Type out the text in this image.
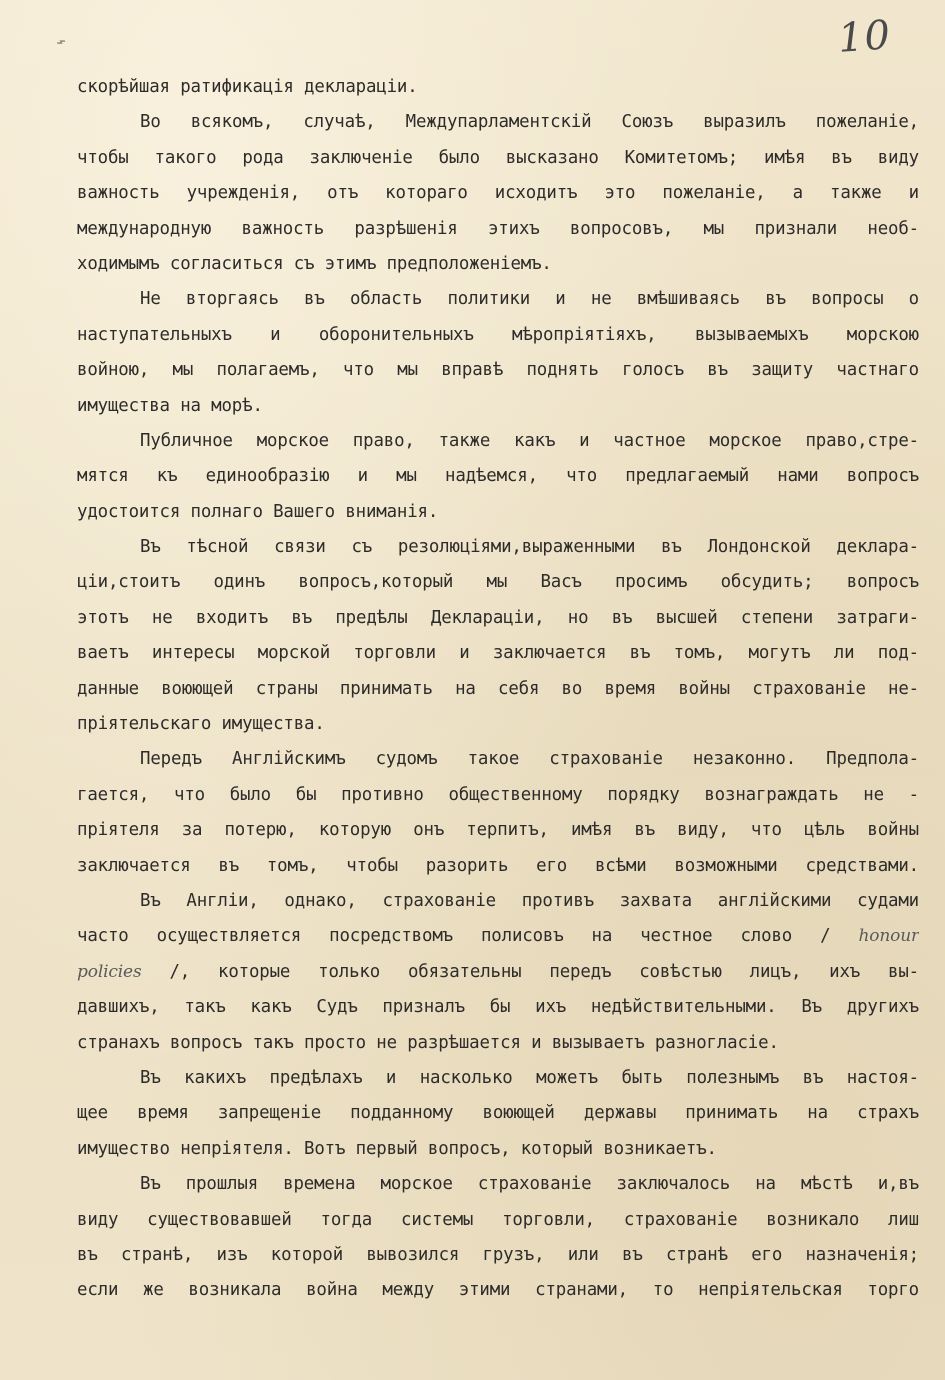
⌁	10
скорѣйшая ратификація деклараціи.
Во всякомъ, случаѣ, Междупарламентскій Союзъ выразилъ пожеланіе,
чтобы такого рода заключеніе было высказано Комитетомъ; имѣя въ виду
важность учрежденія, отъ котораго исходитъ это пожеланіе, а также и
международную важность разрѣшенія этихъ вопросовъ, мы признали необ-
ходимымъ согласиться съ этимъ предположеніемъ.
Не вторгаясь въ область политики и не вмѣшиваясь въ вопросы о
наступательныхъ и оборонительныхъ мѣропріятіяхъ, вызываемыхъ морскою
войною, мы полагаемъ, что мы вправѣ поднять голосъ въ защиту частнаго
имущества на морѣ.
Публичное морское право, также какъ и частное морское право,стре-
мятся къ единообразію и мы надѣемся, что предлагаемый нами вопросъ
удостоится полнаго Вашего вниманія.
Въ тѣсной связи съ резолюціями,выраженными въ Лондонской деклара-
ціи,стоитъ одинъ вопросъ,который мы Васъ просимъ обсудить; вопросъ
этотъ не входитъ въ предѣлы Деклараціи, но въ высшей степени затраги-
ваетъ интересы морской торговли и заключается въ томъ, могутъ ли под-
данные воюющей страны принимать на себя во время войны страхованіе не-
пріятельскаго имущества.
Передъ Англійскимъ судомъ такое страхованіе незаконно. Предпола-
гается, что было бы противно общественному порядку вознаграждать не -
пріятеля за потерю, которую онъ терпитъ, имѣя въ виду, что цѣль войны
заключается въ томъ, чтобы разорить его всѣми возможными средствами.
Въ Англіи, однако, страхованіе противъ захвата англійскими судами
часто осуществляется посредствомъ полисовъ на честное слово / honour
policies /, которые только обязательны передъ совѣстью лицъ, ихъ вы-
давшихъ, такъ какъ Судъ призналъ бы ихъ недѣйствительными. Въ другихъ
странахъ вопросъ такъ просто не разрѣшается и вызываетъ разногласіе.
Въ какихъ предѣлахъ и насколько можетъ быть полезнымъ въ настоя-
щее время запрещеніе подданному воюющей державы принимать на страхъ
имущество непріятеля. Вотъ первый вопросъ, который возникаетъ.
Въ прошлыя времена морское страхованіе заключалось на мѣстѣ и,въ
виду существовавшей тогда системы торговли, страхованіе возникало лиш
въ странѣ, изъ которой вывозился грузъ, или въ странѣ его назначенія;
если же возникала война между этими странами, то непріятельская торго
